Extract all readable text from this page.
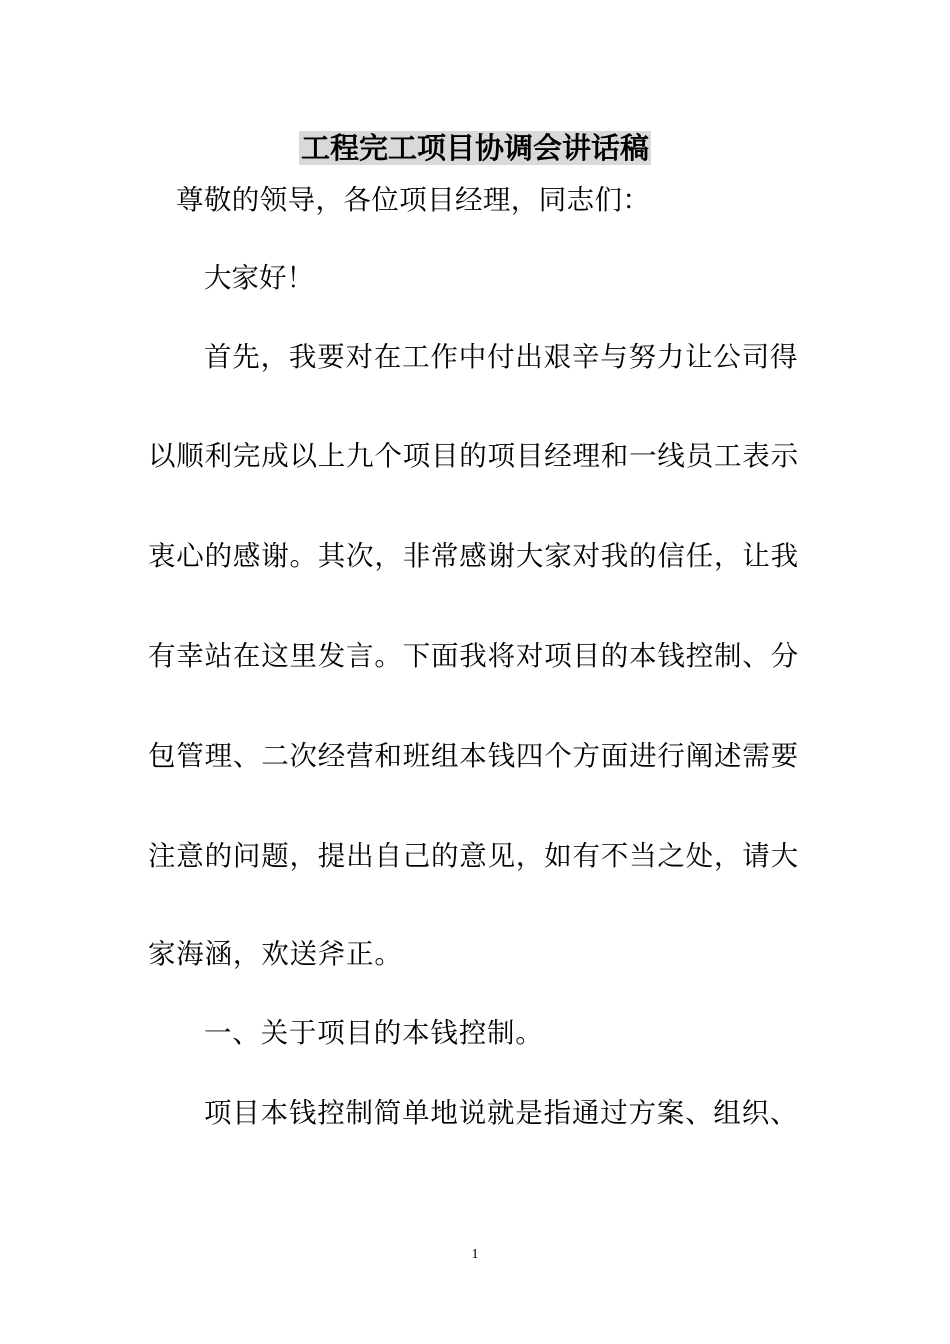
工程完工项目协调会讲话稿
尊敬的领导，各位项目经理，同志们：
大家好！
首先，我要对在工作中付出艰辛与努力让公司得
以顺利完成以上九个项目的项目经理和一线员工表示
衷心的感谢。其次，非常感谢大家对我的信任，让我
有幸站在这里发言。下面我将对项目的本钱控制、分
包管理、二次经营和班组本钱四个方面进行阐述需要
注意的问题，提出自己的意见，如有不当之处，请大
家海涵，欢送斧正。
一、关于项目的本钱控制。
项目本钱控制简单地说就是指通过方案、组织、
1
